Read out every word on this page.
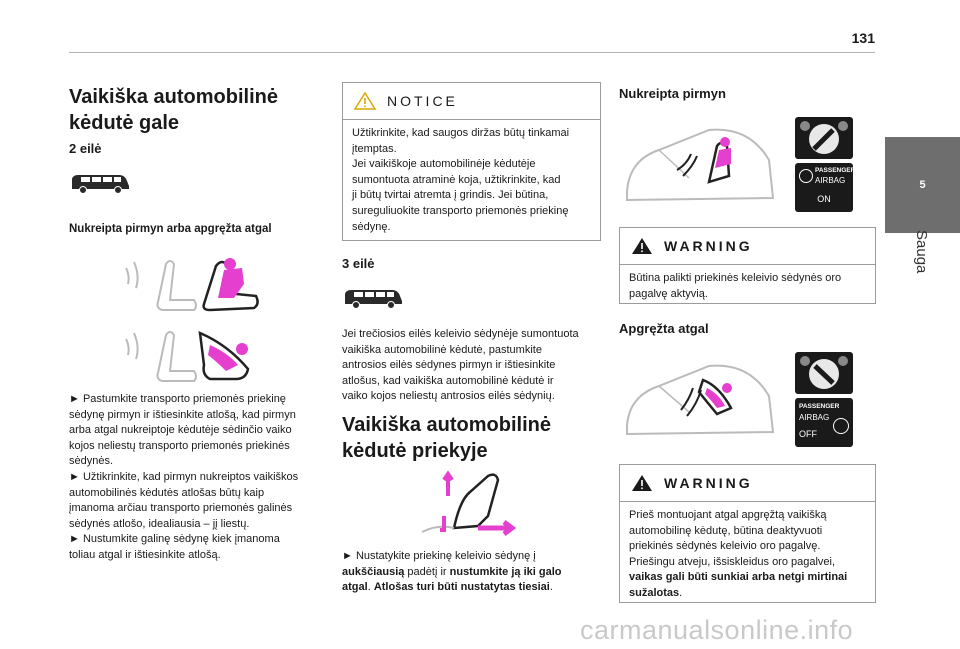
131
5
Sauga
Vaikiška automobilinė
kėdutė gale
2 eilė
Nukreipta pirmyn arba apgręžta atgal
► Pastumkite transporto priemonės priekinę
sėdynę pirmyn ir ištiesinkite atlošą, kad pirmyn
arba atgal nukreiptoje kėdutėje sėdinčio vaiko
kojos neliestų transporto priemonės priekinės
sėdynės.
► Užtikrinkite, kad pirmyn nukreiptos vaikiškos
automobilinės kėdutės atlošas būtų kaip
įmanoma arčiau transporto priemonės galinės
sėdynės atlošo, idealiausia – jį liestų.
► Nustumkite galinę sėdynę kiek įmanoma
toliau atgal ir ištiesinkite atlošą.
NOTICE
Užtikrinkite, kad saugos diržas būtų tinkamai
įtemptas.
Jei vaikiškoje automobilinėje kėdutėje
sumontuota atraminė koja, užtikrinkite, kad
ji būtų tvirtai atremta į grindis. Jei būtina,
sureguliuokite transporto priemonės priekinę
sėdynę.
3 eilė
Jei trečiosios eilės keleivio sėdynėje sumontuota
vaikiška automobilinė kėdutė, pastumkite
antrosios eilės sėdynes pirmyn ir ištiesinkite
atlošus, kad vaikiška automobilinė kėdutė ir
vaiko kojos neliestų antrosios eilės sėdynių.
Vaikiška automobilinė
kėdutė priekyje
► Nustatykite priekinę keleivio sėdynę į
aukščiausią padėtį ir nustumkite ją iki galo
atgal. Atlošas turi būti nustatytas tiesiai.
Nukreipta pirmyn
PASSENGER
AIRBAG
ON
WARNING
Būtina palikti priekinės keleivio sėdynės oro
pagalvę aktyvią.
Apgręžta atgal
PASSENGER
AIRBAG
OFF
WARNING
Prieš montuojant atgal apgręžtą vaikišką
automobilinę kėdutę, būtina deaktyvuoti
priekinės sėdynės keleivio oro pagalvę.
Priešingu atveju, išsiskleidus oro pagalvei,
vaikas gali būti sunkiai arba netgi mirtinai
sužalotas.
carmanualsonline.info
